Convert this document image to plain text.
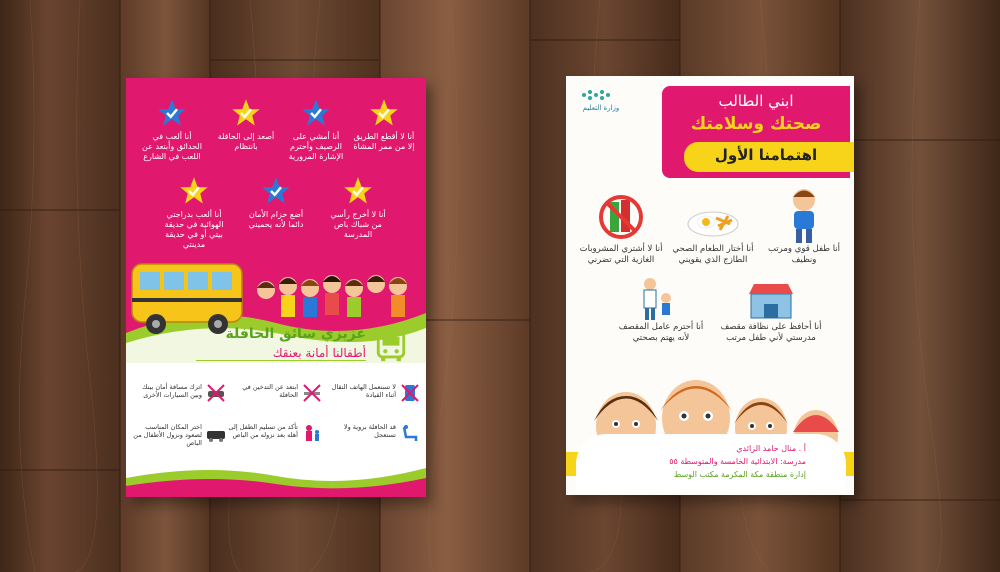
أنا لا أقطع الطريق إلا من ممر المشاة
أنا أمشي على الرصيف وأحترم الإشارة المرورية
أصعد إلى الحافلة بانتظام
أنا ألعب في الحدائق وأبتعد عن اللعب في الشارع
أنا لا أخرج رأسي من شباك باص المدرسة
أضع حزام الأمان دائما لأنه يحميني
أنا ألعب بدراجتي الهوائية في حديقة بيتي أو في حديقة مدينتي
عزيزي سائق الحافلة
أطفالنا أمانة بعنقك
لا تستعمل الهاتف النقال أثناء القيادة
ابتعد عن التدخين في الحافلة
اترك مسافة أمان بينك وبين السيارات الأخرى
قد الحافلة بروية ولا تستعجل
تأكد من تسليم الطفل إلى أهله بعد نزوله من الباص
اختر المكان المناسب لصعود ونزول الأطفال من الباص
وزارة التعليم	ابني الطالب
صحتك وسلامتك
اهتمامنا الأول
أنا طفل قوي ومرتب ونظيف
أنا أختار الطعام الصحي الطازج الذي يقويني
أنا لا أشتري المشروبات الغازية التي تضرني
مقصف
أنا أحافظ على نظافة مقصف مدرستي لأني طفل مرتب
أنا أحترم عامل المقصف لأنه يهتم بصحتي
أ . منال حامد الزائدي
مدرسة: الابتدائية الخامسة والمتوسطة ٥٥
إدارة منطقة مكة المكرمة مكتب الوسط
